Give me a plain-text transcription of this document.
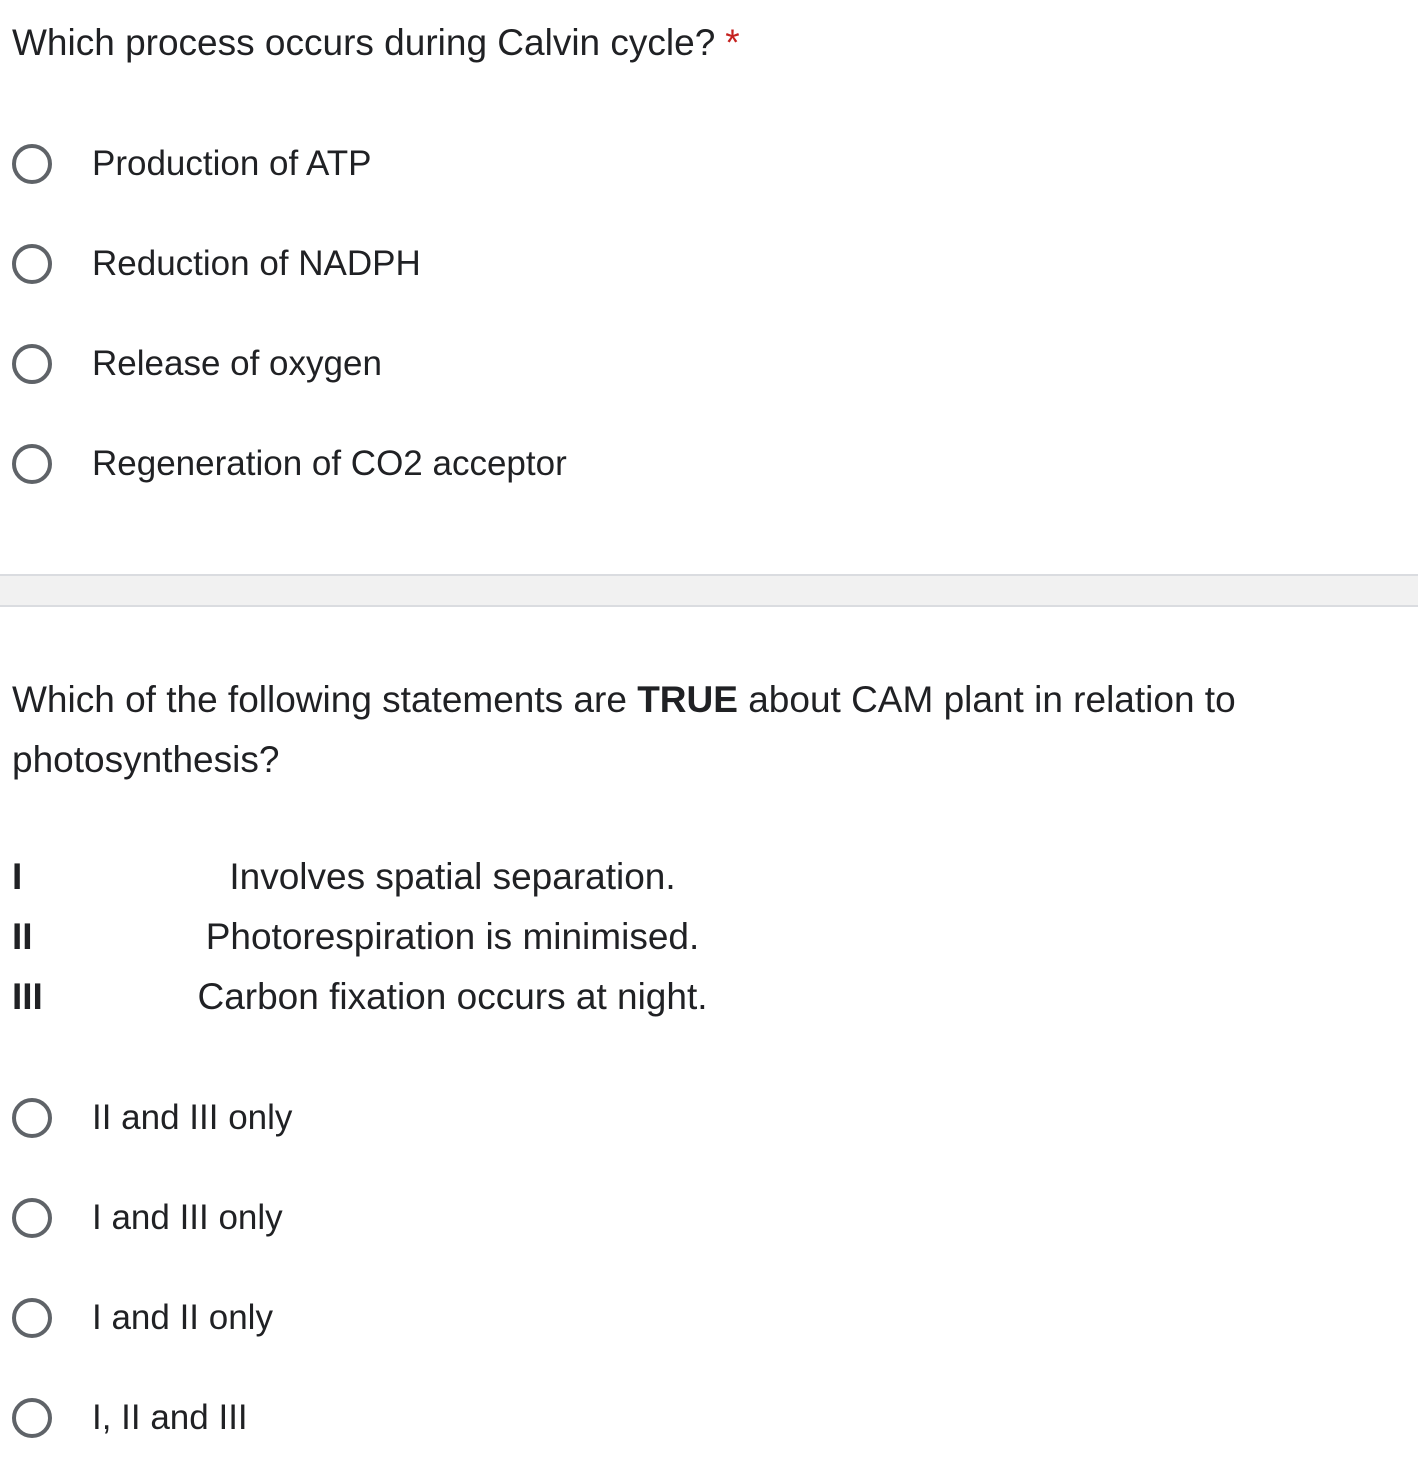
Which process occurs during Calvin cycle? *
Production of ATP
Reduction of NADPH
Release of oxygen
Regeneration of CO2 acceptor
Which of the following statements are TRUE about CAM plant in relation to photosynthesis?
I	Involves spatial separation.
II	Photorespiration is minimised.
III	Carbon fixation occurs at night.
II and III only
I and III only
I and II only
I, II and III
